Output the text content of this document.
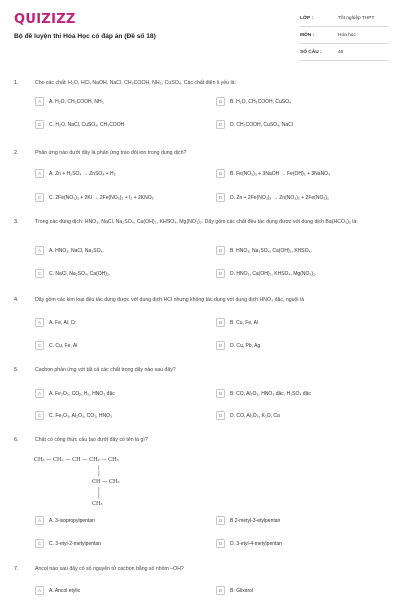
QUIZIZZ
Bộ đề luyện thi Hóa Học có đáp án (Đề số 18)
LỚP :	Tốt nghiệp THPT
MÔN :	Hóa học
SỐ CÂU :	40
1.	Cho các chất: H₂O, HCl, NaOH, NaCl, CH₃COOH, NH₃, CuSO₄. Các chất điện li yếu là:
A	A. H₂O, CH₃COOH, NH₃	B	B. H₂O, CH₃COOH, CuSO₄
C	C. H₂O, NaCl, CuSO₄, CH₃COOH	D	D. CH₃COOH, CuSO₄, NaCl
2.	Phản ứng nào dưới đây là phản ứng trao đổi ion trong dung dịch?
A	A. Zn + H₂SO₄ → ZnSO₄ + H₂	B	B. Fe(NO₃)₃ + 3NaOH → Fe(OH)₃ + 3NaNO₃
C	C. 2Fe(NO₃)₃ + 2KI → 2Fe(NO₃)₂ + I₂ + 2KNO₃	D	D. Zn + 2Fe(NO₃)₃ → Zn(NO₃)₂ + 2Fe(NO₃)₂
3.	Trong các dung dịch: HNO₃, NaCl, Na₂SO₄, Ca(OH)₂, KHSO₄, Mg(NO₃)₂. Dãy gồm các chất đều tác dụng được với dung dịch Ba(HCO₃)₂ là:
A	A. HNO₃, NaCl, Na₂SO₄.	B	B. HNO₃, Na₂SO₄, Ca(OH)₂, KHSO₄.
C	C. NaCl, Na₂SO₄, Ca(OH)₂.	D	D. HNO₃, Ca(OH)₂, KHSO₄, Mg(NO₃)₂.
4.	Dãy gồm các kim loại đều tác dụng được với dung dịch HCl nhưng không tác dụng với dung dịch HNO₃ đặc, nguội là
A	A. Fe, Al, Cr	B	B. Cu, Fe, Al
C	C. Cu, Fe, Al	D	D. Cu, Pb, Ag
5.	Cacbon phản ứng với tất cả các chất trong dãy nào sau đây?
A	A. Fe₂O₃, CO₂, H₂, HNO₃ đặc	B	B. CO, Al₂O₃, HNO₃ đặc, H₂SO₄ đặc
C	C. Fe₂O₃, Al₂O₃, CO₂, HNO₃	D	D. CO, Al₂O₃, K₂O, Ca
6.	Chất có công thức cấu tạo dưới đây có tên là gì?
CH₃ — CH₂ — CH — CH₂ — CH₃
|
|
CH — CH₃
|
|
CH₃
A	A. 3-isopropylpentan	B	B.2-metyl-3-etylpentan
C	C. 3-etyl-2-metylpentan	D	D. 3-etyl-4-metylpentan
7.	Ancol nào sau đây có số nguyên tử cacbon bằng số nhóm –OH?
A	A. Ancol etylic	B	B. Glixerol
